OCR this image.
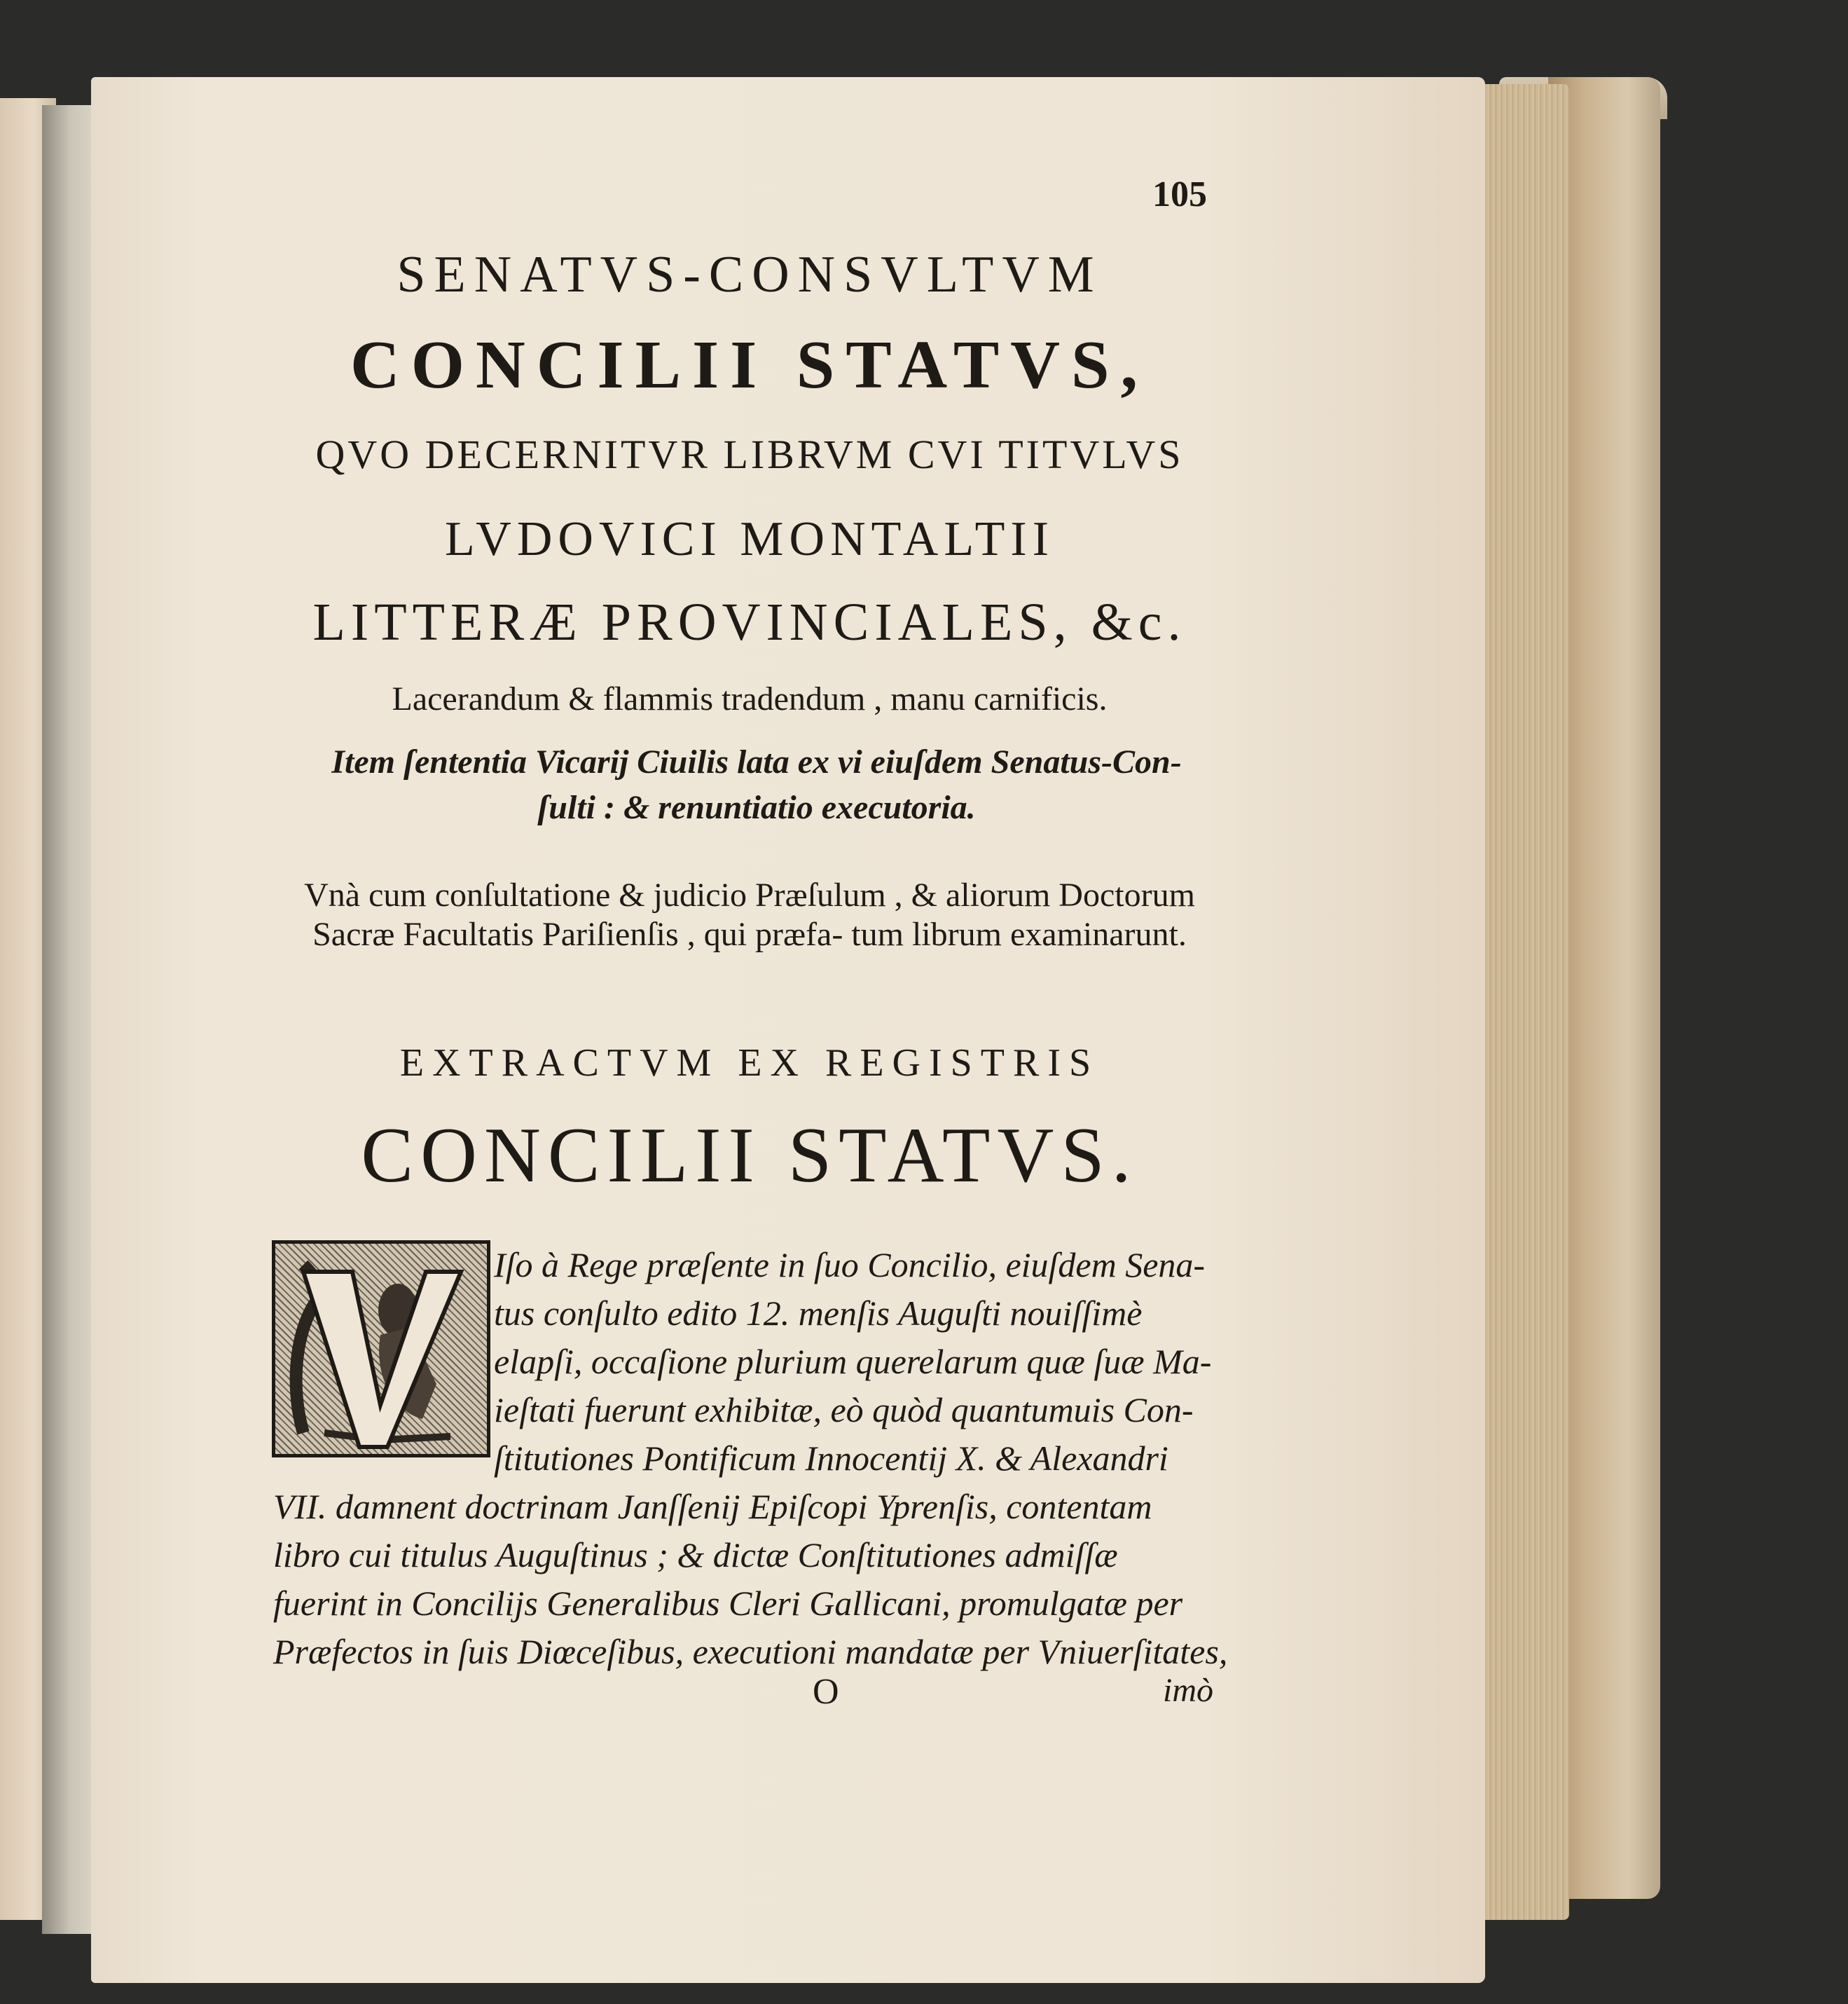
105
SENATVS-CONSVLTVM
CONCILII STATVS,
QVO DECERNITVR LIBRVM CVI TITVLVS
LVDOVICI MONTALTII
LITTERÆ PROVINCIALES, &c.
Lacerandum & flammis tradendum , manu carnificis.
Item ſententia Vicarij Ciuilis lata ex vi eiuſdem Senatus-Con-
ſulti : & renuntiatio executoria.
Vnà cum conſultatione & judicio Præſulum , & aliorum Doctorum Sacræ Facultatis Pariſienſis , qui præfa- tum librum examinarunt.
EXTRACTVM EX REGISTRIS
CONCILII STATVS.
Iſo à Rege præſente in ſuo Concilio, eiuſdem Sena-
tus conſulto edito 12. menſis Auguſti nouiſſimè
elapſi, occaſione plurium querelarum quæ ſuæ Ma-
ieſtati fuerunt exhibitæ, eò quòd quantumuis Con-
ſtitutiones Pontificum Innocentij X. & Alexandri
VII. damnent doctrinam Janſſenij Epiſcopi Yprenſis, contentam
libro cui titulus Auguſtinus ; & dictæ Conſtitutiones admiſſæ
fuerint in Concilijs Generalibus Cleri Gallicani, promulgatæ per
Præfectos in ſuis Diœceſibus, executioni mandatæ per Vniuerſitates,
O	imò
